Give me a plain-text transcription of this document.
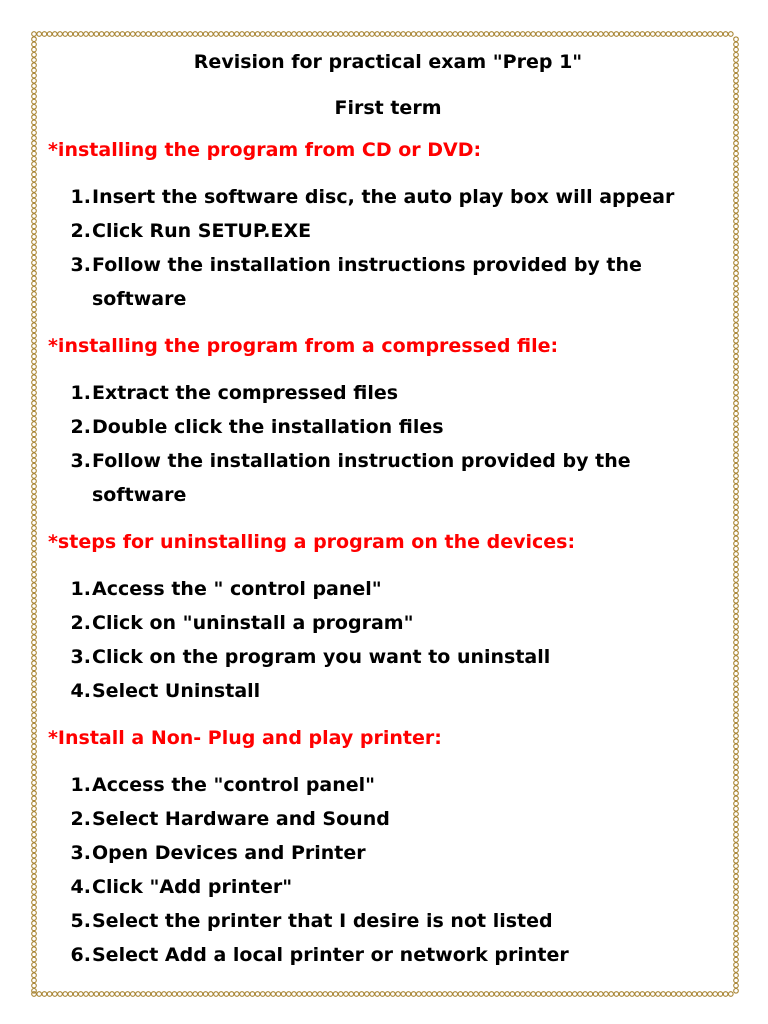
Revision for practical exam "Prep 1"
First term

*installing the program from CD or DVD:

1. Insert the software disc, the auto play box will appear
2. Click Run SETUP.EXE
3. Follow the installation instructions provided by the software

*installing the program from a compressed file:

1. Extract the compressed files
2. Double click the installation files
3. Follow the installation instruction provided by the software

*steps for uninstalling a program on the devices:

1. Access the " control panel"
2. Click on "uninstall a program"
3. Click on the program you want to uninstall
4. Select Uninstall

*Install a Non- Plug and play printer:

1. Access the "control panel"
2. Select Hardware and Sound
3. Open Devices and Printer
4. Click "Add printer"
5. Select the printer that I desire is not listed
6. Select Add a local printer or network printer
